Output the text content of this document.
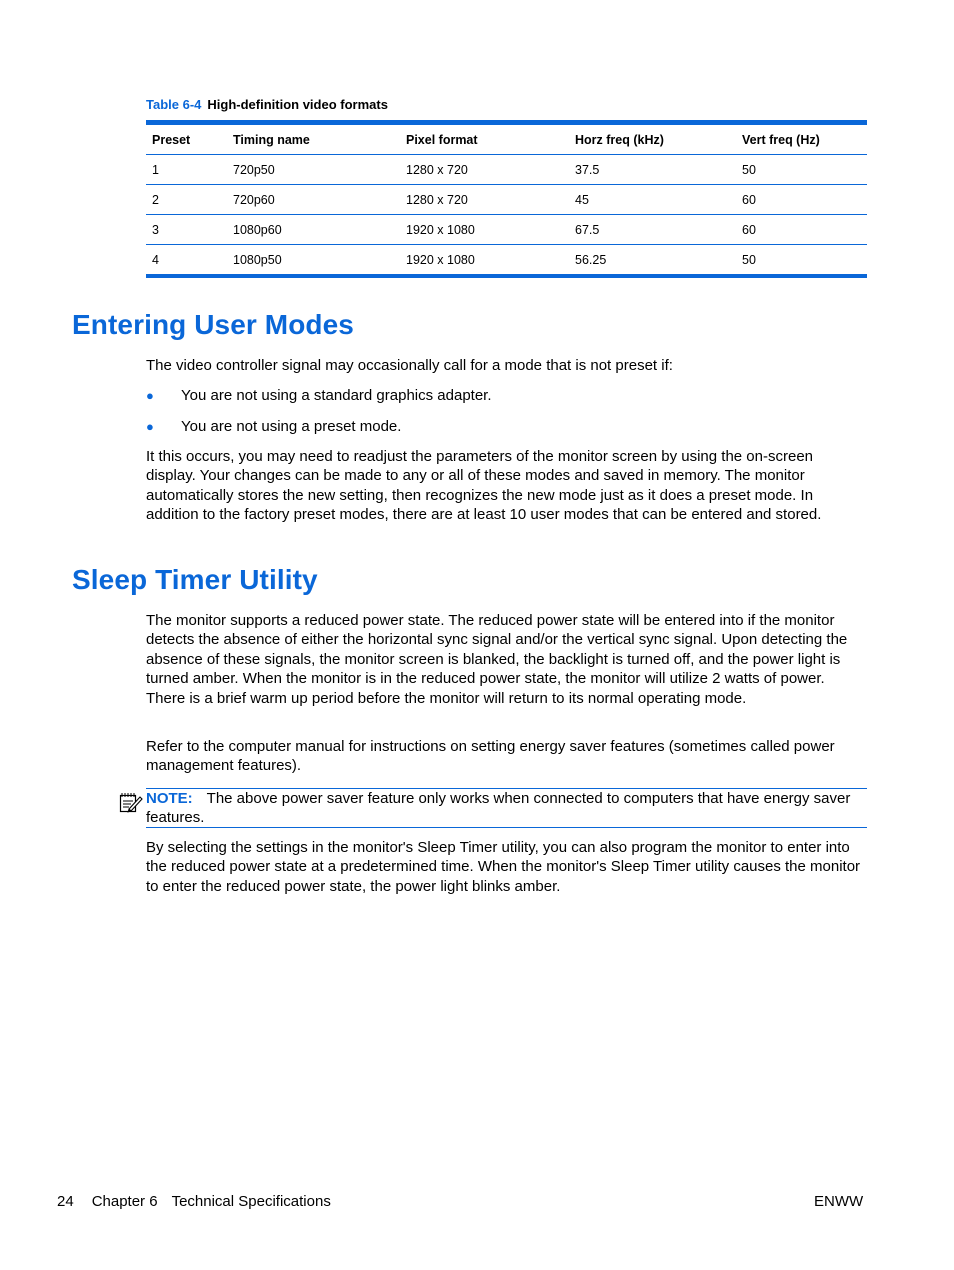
Table 6-4 High-definition video formats
Preset	Timing name	Pixel format	Horz freq (kHz)	Vert freq (Hz)
1	720p50	1280 x 720	37.5	50
2	720p60	1280 x 720	45	60
3	1080p60	1920 x 1080	67.5	60
4	1080p50	1920 x 1080	56.25	50
Entering User Modes
The video controller signal may occasionally call for a mode that is not preset if:
● You are not using a standard graphics adapter.
● You are not using a preset mode.
It this occurs, you may need to readjust the parameters of the monitor screen by using the on-screen display. Your changes can be made to any or all of these modes and saved in memory. The monitor automatically stores the new setting, then recognizes the new mode just as it does a preset mode. In addition to the factory preset modes, there are at least 10 user modes that can be entered and stored.
Sleep Timer Utility
The monitor supports a reduced power state. The reduced power state will be entered into if the monitor detects the absence of either the horizontal sync signal and/or the vertical sync signal. Upon detecting the absence of these signals, the monitor screen is blanked, the backlight is turned off, and the power light is turned amber. When the monitor is in the reduced power state, the monitor will utilize 2 watts of power. There is a brief warm up period before the monitor will return to its normal operating mode.
Refer to the computer manual for instructions on setting energy saver features (sometimes called power management features).
NOTE: The above power saver feature only works when connected to computers that have energy saver features.
By selecting the settings in the monitor's Sleep Timer utility, you can also program the monitor to enter into the reduced power state at a predetermined time. When the monitor's Sleep Timer utility causes the monitor to enter the reduced power state, the power light blinks amber.
24 Chapter 6 Technical Specifications	ENWW
